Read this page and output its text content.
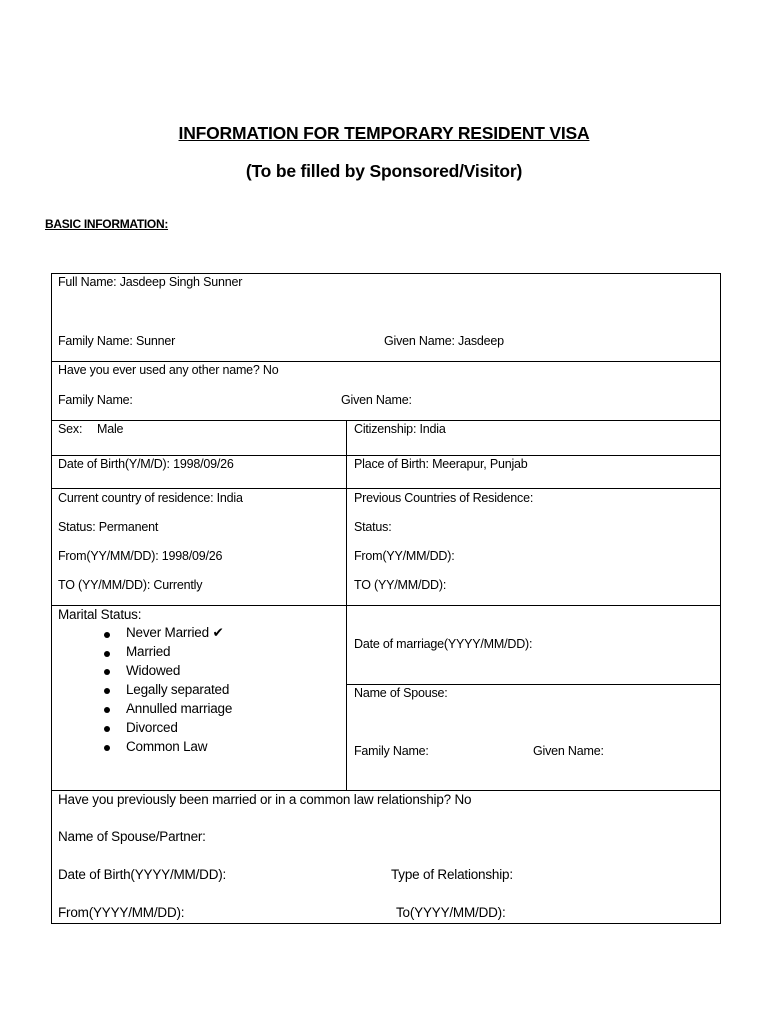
INFORMATION FOR TEMPORARY RESIDENT VISA
(To be filled by Sponsored/Visitor)
BASIC INFORMATION:
Full Name: Jasdeep Singh Sunner
Family Name: Sunner	Given Name: Jasdeep
Have you ever used any other name? No
Family Name:	Given Name:
Sex: Male	Citizenship: India
Date of Birth(Y/M/D): 1998/09/26	Place of Birth: Meerapur, Punjab
Current country of residence: India
Status: Permanent
From(YY/MM/DD): 1998/09/26
TO (YY/MM/DD): Currently
Previous Countries of Residence:
Status:
From(YY/MM/DD):
TO (YY/MM/DD):
Marital Status:
Never Married ✔
Married
Widowed
Legally separated
Annulled marriage
Divorced
Common Law
Date of marriage(YYYY/MM/DD):
Name of Spouse:
Family Name:	Given Name:
Have you previously been married or in a common law relationship? No
Name of Spouse/Partner:
Date of Birth(YYYY/MM/DD):	Type of Relationship:
From(YYYY/MM/DD):	To(YYYY/MM/DD):
